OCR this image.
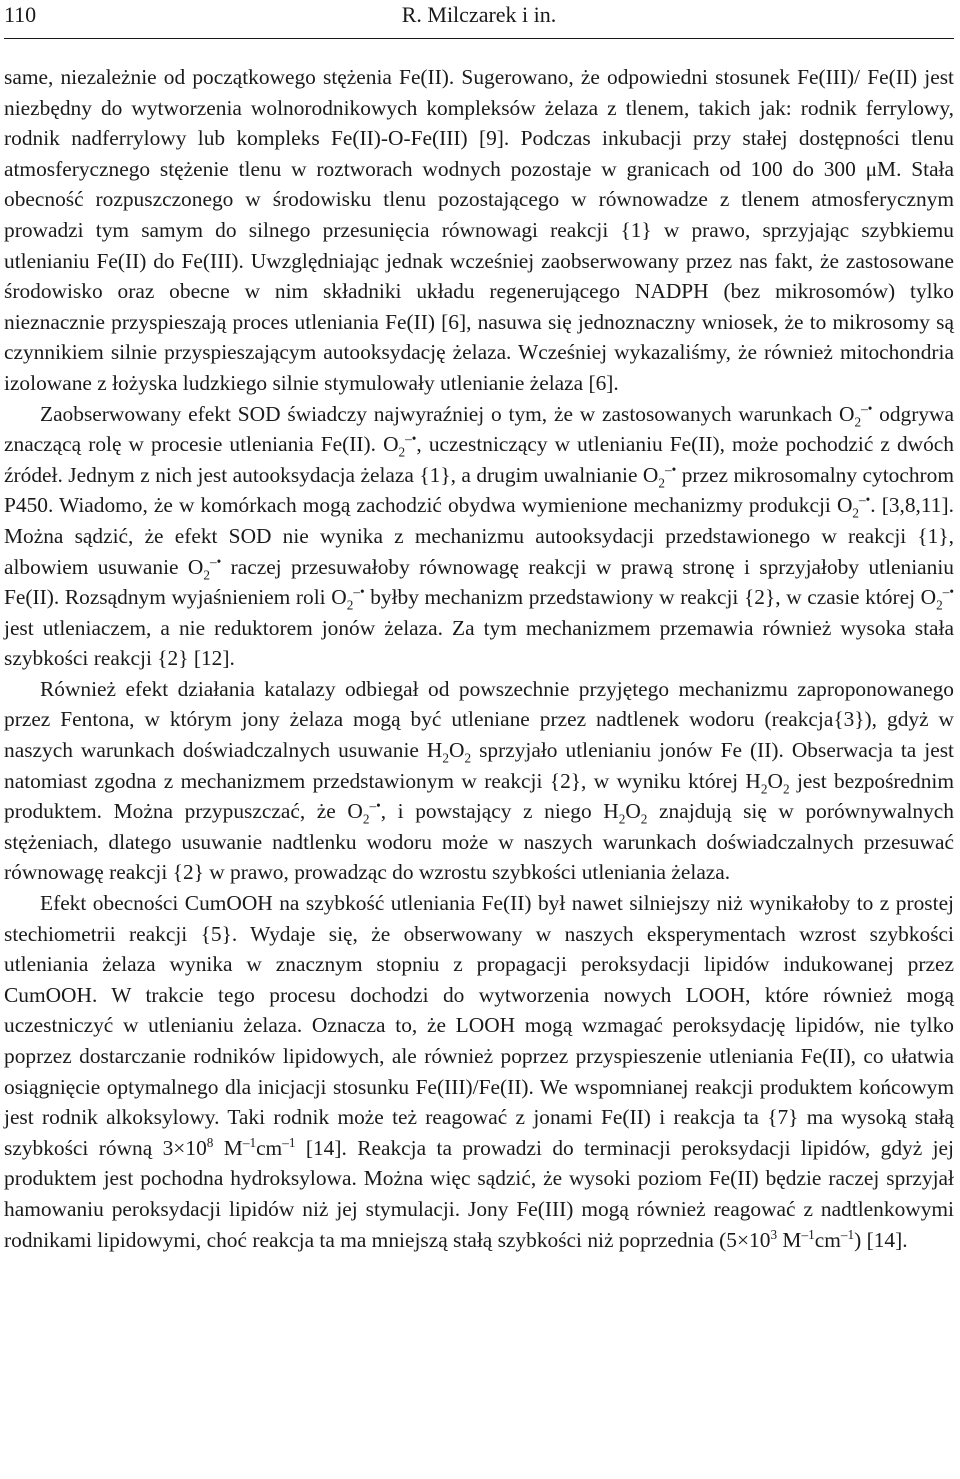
110	R. Milczarek i in.

same, niezależnie od początkowego stężenia Fe(II). Sugerowano, że odpowiedni stosunek Fe(III)/ Fe(II) jest niezbędny do wytworzenia wolnorodnikowych kompleksów żelaza z tlenem, takich jak: rodnik ferrylowy, rodnik nadferrylowy lub kompleks Fe(II)-O-Fe(III) [9]. Podczas inkubacji przy stałej dostępności tlenu atmosferycznego stężenie tlenu w roztworach wodnych pozostaje w granicach od 100 do 300 μM. Stała obecność rozpuszczonego w środowisku tlenu pozostającego w równowadze z tlenem atmosferycznym prowadzi tym samym do silnego przesunięcia równowagi reakcji {1} w prawo, sprzyjając szybkiemu utlenianiu Fe(II) do Fe(III). Uwzględniając jednak wcześniej zaobserwowany przez nas fakt, że zastosowane środowisko oraz obecne w nim składniki układu regenerującego NADPH (bez mikrosomów) tylko nieznacznie przyspieszają proces utleniania Fe(II) [6], nasuwa się jednoznaczny wniosek, że to mikrosomy są czynnikiem silnie przyspieszającym autooksydację żelaza. Wcześniej wykazaliśmy, że również mitochondria izolowane z łożyska ludzkiego silnie stymulowały utlenianie żelaza [6].

Zaobserwowany efekt SOD świadczy najwyraźniej o tym, że w zastosowanych warunkach $O_2^{-•}$ odgrywa znaczącą rolę w procesie utleniania Fe(II). $O_2^{-•}$, uczestniczący w utlenianiu Fe(II), może pochodzić z dwóch źródeł. Jednym z nich jest autooksydacja żelaza {1}, a drugim uwalnianie $O_2^{-•}$ przez mikrosomalny cytochrom P450. Wiadomo, że w komórkach mogą zachodzić obydwa wymienione mechanizmy produkcji $O_2^{-•}$. [3,8,11]. Można sądzić, że efekt SOD nie wynika z mechanizmu autooksydacji przedstawionego w reakcji {1}, albowiem usuwanie $O_2^{-•}$ raczej przesuwałoby równowagę reakcji w prawą stronę i sprzyjałoby utlenianiu Fe(II). Rozsądnym wyjaśnieniem roli $O_2^{-•}$ byłby mechanizm przedstawiony w reakcji {2}, w czasie której $O_2^{-•}$ jest utleniaczem, a nie reduktorem jonów żelaza. Za tym mechanizmem przemawia również wysoka stała szybkości reakcji {2} [12].

Również efekt działania katalazy odbiegał od powszechnie przyjętego mechanizmu zaproponowanego przez Fentona, w którym jony żelaza mogą być utleniane przez nadtlenek wodoru (reakcja{3}), gdyż w naszych warunkach doświadczalnych usuwanie $H_2O_2$ sprzyjało utlenianiu jonów Fe (II). Obserwacja ta jest natomiast zgodna z mechanizmem przedstawionym w reakcji {2}, w wyniku której $H_2O_2$ jest bezpośrednim produktem. Można przypuszczać, że $O_2^{-•}$, i powstający z niego $H_2O_2$ znajdują się w porównywalnych stężeniach, dlatego usuwanie nadtlenku wodoru może w naszych warunkach doświadczalnych przesuwać równowagę reakcji {2} w prawo, prowadząc do wzrostu szybkości utleniania żelaza.

Efekt obecności CumOOH na szybkość utleniania Fe(II) był nawet silniejszy niż wynikałoby to z prostej stechiometrii reakcji {5}. Wydaje się, że obserwowany w naszych eksperymentach wzrost szybkości utleniania żelaza wynika w znacznym stopniu z propagacji peroksydacji lipidów indukowanej przez CumOOH. W trakcie tego procesu dochodzi do wytworzenia nowych LOOH, które również mogą uczestniczyć w utlenianiu żelaza. Oznacza to, że LOOH mogą wzmagać peroksydację lipidów, nie tylko poprzez dostarczanie rodników lipidowych, ale również poprzez przyspieszenie utleniania Fe(II), co ułatwia osiągnięcie optymalnego dla inicjacji stosunku Fe(III)/Fe(II). We wspomnianej reakcji produktem końcowym jest rodnik alkoksylowy. Taki rodnik może też reagować z jonami Fe(II) i reakcja ta {7} ma wysoką stałą szybkości równą $3\times 10^8$ $M^{-1}cm^{-1}$ [14]. Reakcja ta prowadzi do terminacji peroksydacji lipidów, gdyż jej produktem jest pochodna hydroksylowa. Można więc sądzić, że wysoki poziom Fe(II) będzie raczej sprzyjał hamowaniu peroksydacji lipidów niż jej stymulacji. Jony Fe(III) mogą również reagować z nadtlenkowymi rodnikami lipidowymi, choć reakcja ta ma mniejszą stałą szybkości niż poprzednia ($5\times 10^3$ $M^{-1}cm^{-1}$) [14].
